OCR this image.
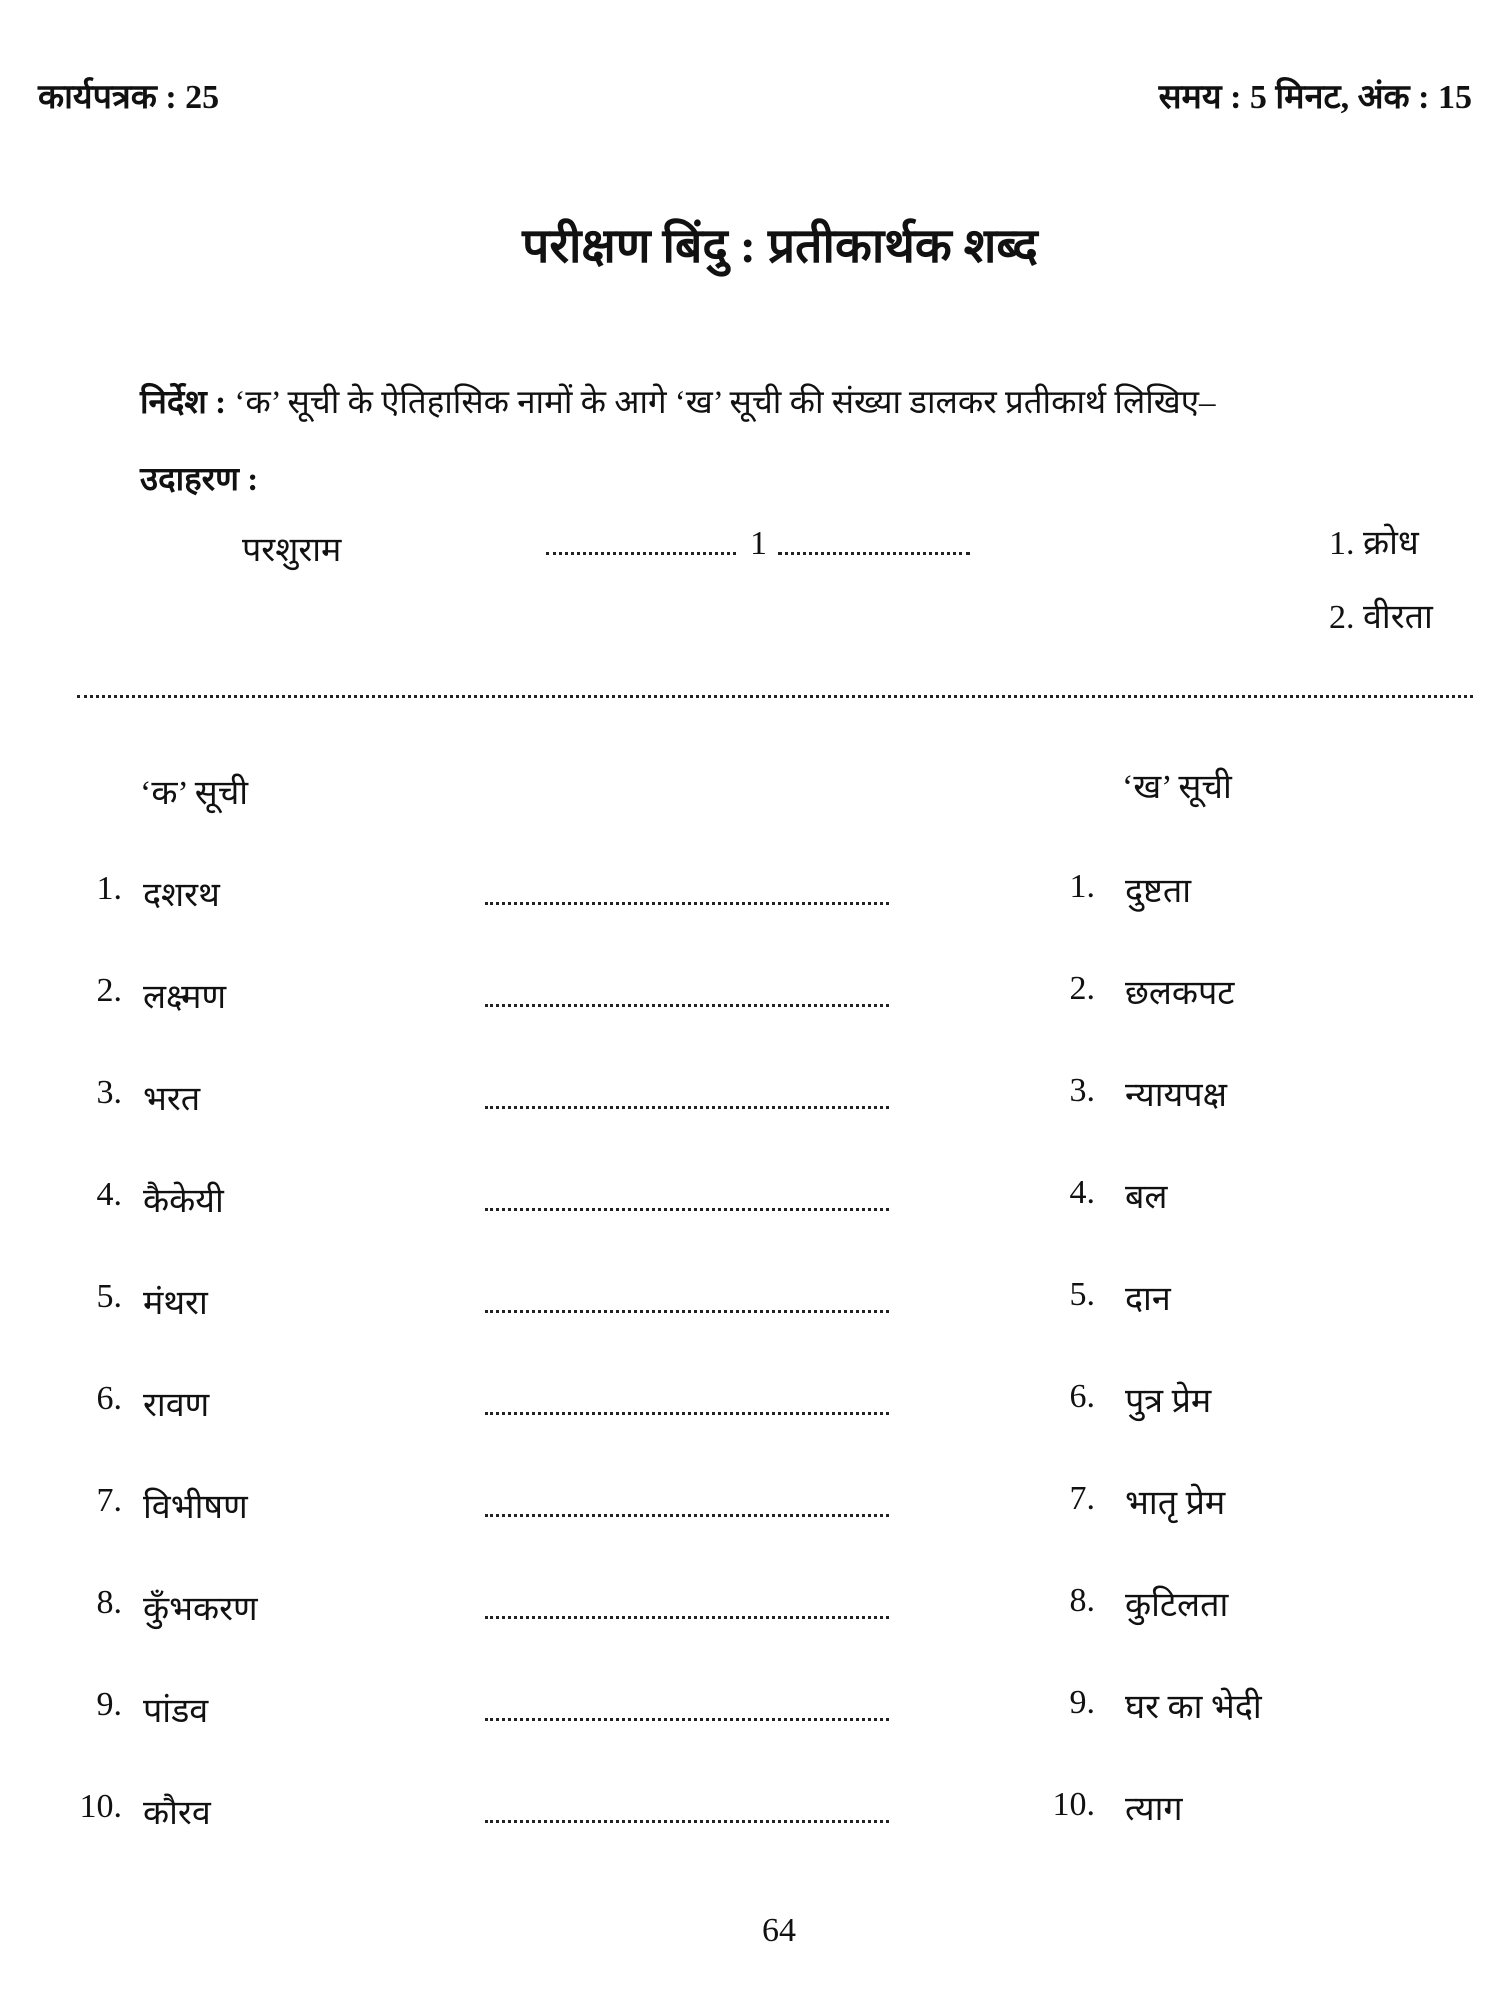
कार्यपत्रक : 25	समय : 5 मिनट, अंक : 15
परीक्षण बिंदु : प्रतीकार्थक शब्द
निर्देश : ‘क’ सूची के ऐतिहासिक नामों के आगे ‘ख’ सूची की संख्या डालकर प्रतीकार्थ लिखिए–
उदाहरण :
परशुराम	1	1. क्रोध
2. वीरता
‘क’ सूची	‘ख’ सूची
1. दशरथ	1. दुष्टता
2. लक्ष्मण	2. छलकपट
3. भरत	3. न्यायपक्ष
4. कैकेयी	4. बल
5. मंथरा	5. दान
6. रावण	6. पुत्र प्रेम
7. विभीषण	7. भातृ प्रेम
8. कुँभकरण	8. कुटिलता
9. पांडव	9. घर का भेदी
10. कौरव	10. त्याग
64
